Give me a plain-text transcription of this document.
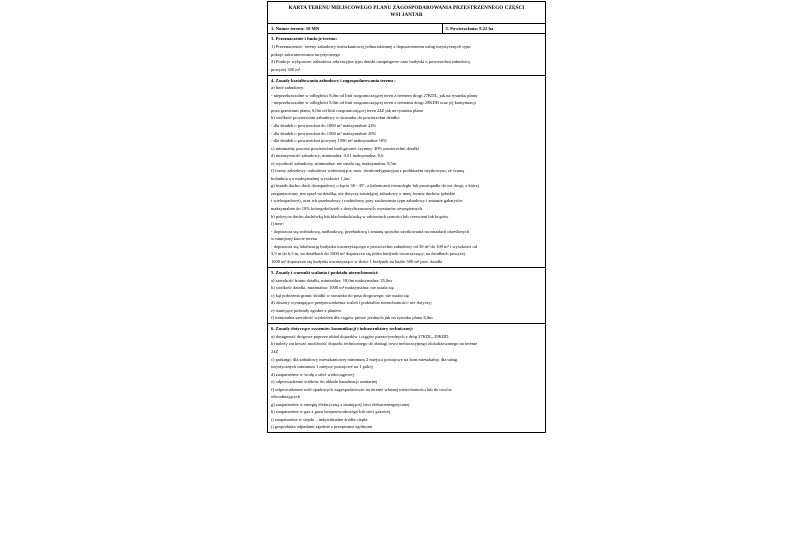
KARTA TERENU MIEJSCOWEGO PLANU ZAGOSPODAROWANIA PRZESTRZENNEGO CZĘŚCI
WSI JANTAR
1. Numer terenu: 10 MN	2. Powierzchnia: 8,22 ha
3. Przeznaczenie i funkcje terenu:
1) Przeznaczenie:  tereny zabudowy mieszkaniowej jednorodzinnej z dopuszczeniem usług turystycznych typu
pokoje zakwaterowania turystycznego
2) Funkcje wyłączone: zabudowa rekreacyjna typu domki campingowe oraz budynki o powierzchni zabudowy
powyżej 300 m²
4. Zasady kształtowania zabudowy i zagospodarowania terenu :
a) linie zabudowy:
- nieprzekraczalne w odległości 8,0m od linii rozgraniczającej teren z terenem drogi 27KDL, jak na rysunku planu
- nieprzekraczalne w odległości 8,0m od linii rozgraniczającej teren z terenami drogi 29KDD oraz jej kontynuacji
poza granicami planu, 6,0m od linii rozgraniczającej teren 24Z jak na rysunku planu
b) wielkość powierzchni zabudowy w stosunku do powierzchni działki:
- dla działek o powierzchni do 1000 m² maksymalnie 22%
- dla działek o powierzchni do 1500 m² maksymalnie 20%
- dla działek o powierzchni powyżej 1500 m² maksymalnie 18%
c) minimalny procent powierzchni biologicznie czynnej: 40% powierzchni działki
d) intensywność zabudowy, minimalna: 0,01 maksymalna: 0,6
e) wysokość zabudowy, minimalna: nie ustala się, maksymalna: 9,5m
f) formy zabudowy: zabudowa wolnostojąca, max. dwukondygnacyjna z poddaszem użytkowym, ze ścianą
kolankową o maksymalnej wysokości 1,2m
g) kształt dachu: dach dwuspadowy o kącie 38 - 45°, z kalenicami równoległe lub prostopadle do osi drogi, z której
zorganizowany jest zjazd na działkę, nie dotyczy istniejącej zabudowy o innej formie dachów (płaskie
i wielospadowe), oraz ich przebudowy i rozbudowy przy zachowaniu typu zabudowy i zmianie gabarytów
maksymalnie do 10% któregokolwiek z dotychczasowych wymiarów zewnętrznych
h) pokrycie dachu dachówką lub blachodachówką w odcieniach szarości lub czerwieni lub brązów
i) inne:
- dopuszcza się rozbudowę, nadbudowę, przebudowę i zmianę sposobu użytkowania na zasadach określonych
w niniejszej karcie terenu
- dopuszcza się lokalizację budynku towarzyszącego o powierzchni zabudowy od 30 m² do 100 m² i wysokości od
3,5 m do 6,5 m, na działkach do 1000 m² dopuszcza się jeden budynek towarzyszący, na działkach powyżej
1000 m² dopuszcza się budynki towarzyszące w ilości 1 budynek na każde 500 m² pow. działki
5. Zasady i warunki scalania i podziału nieruchomości:
a) szerokość frontu działki, minimalna: 18,0m maksymalna: 35,0m
b) wielkość działki, minimalna: 1000 m² maksymalna: nie ustala się
c) kąt położenia granic działki w stosunku do pasa drogowego: nie ustala się
d) obszary wymagające przeprowadzenia scaleń i podziałów nieruchomości: nie dotyczy;
e) istniejące podziały zgodne z planem
f) minimalna szerokość wydzieleń dla ciągów pieszo jezdnych jak na rysunku planu 6,0m
6. Zasady dotyczące systemów komunikacji i infrastruktury technicznej:
a) dostępność drogowa poprzez układ dojazdów i ciągów pieszo-jezdnych z dróg 27KDL, 29KDD
b) należy zachować możliwość dojazdu technicznego do obsługi rowu melioracyjnego zlokalizowanego na terenie
24Z
c) parkingi: dla zabudowy mieszkaniowej minimum 2 miejsca postojowe na dom mieszkalny, dla usług
turystycznych minimum 1 miejsce postojowe na 1 pokój
d) zaopatrzenie w wodę z sieci wodociągowej
e) odprowadzenie ścieków do układu kanalizacji sanitarnej
f) odprowadzenie wód opadowych zagospodarować na terenie własnej nieruchomości lub do rowów
odwadniających
g) zaopatrzenie w energię elektryczną z istniejącej sieci elektroenergetycznej
h) zaopatrzenie w gaz z gazu bezprzewodowego lub sieci gazowej
i) zaopatrzenie w ciepło – indywidualne źródła ciepła
j) gospodarka odpadami zgodnie z przepisami ogólnymi
